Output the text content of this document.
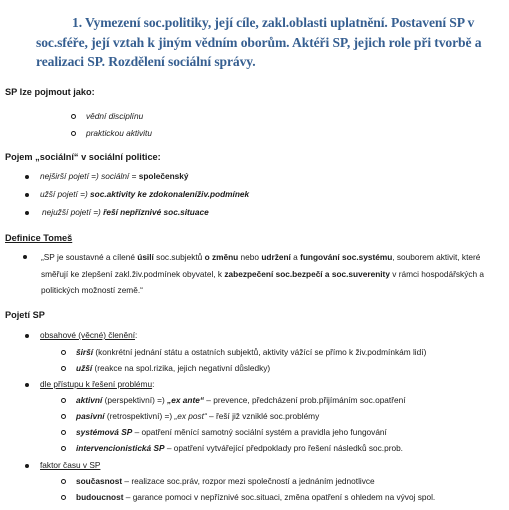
1. Vymezení soc.politiky, její cíle, zakl.oblasti uplatnění. Postavení SP v soc.sféře, její vztah k jiným vědním oborům. Aktéři SP, jejich role při tvorbě a realizaci SP. Rozdělení sociální správy.
SP lze pojmout jako:
vědní disciplínu
praktickou aktivitu
Pojem „sociální“ v sociální politice:
nejširší pojetí =) sociální = společenský
užší pojetí =) soc.aktivity ke zdokonaleníživ.podmínek
nejužší pojetí =) řeší nepříznivé soc.situace
Definice Tomeš
„SP je soustavné a cílené úsilí soc.subjektů o změnu nebo udržení a fungování soc.systému, souborem aktivit, které směřují ke zlepšení zakl.živ.podmínek obyvatel, k zabezpečení soc.bezpečí a soc.suverenity v rámci hospodářských a politických možností země.“
Pojetí SP
obsahové (věcné) členění:
širší (konkrétní jednání státu a ostatních subjektů, aktivity vážící se přímo k živ.podmínkám lidí)
užší (reakce na spol.rizika, jejich negativní důsledky)
dle přístupu k řešení problému:
aktivní (perspektivní) =) „ex ante“ – prevence, předcházení prob.přijímáním soc.opatření
pasivní (retrospektivní) =) „ex post“ – řeší již vzniklé soc.problémy
systémová SP – opatření měnící samotný sociální systém a pravidla jeho fungování
intervencionistická SP – opatření vytvářející předpoklady pro řešení následků soc.prob.
faktor času v SP
současnost – realizace soc.práv, rozpor mezi společností a jednáním jednotlivce
budoucnost – garance pomoci v nepříznivé soc.situaci, změna opatření s ohledem na vývoj spol.
